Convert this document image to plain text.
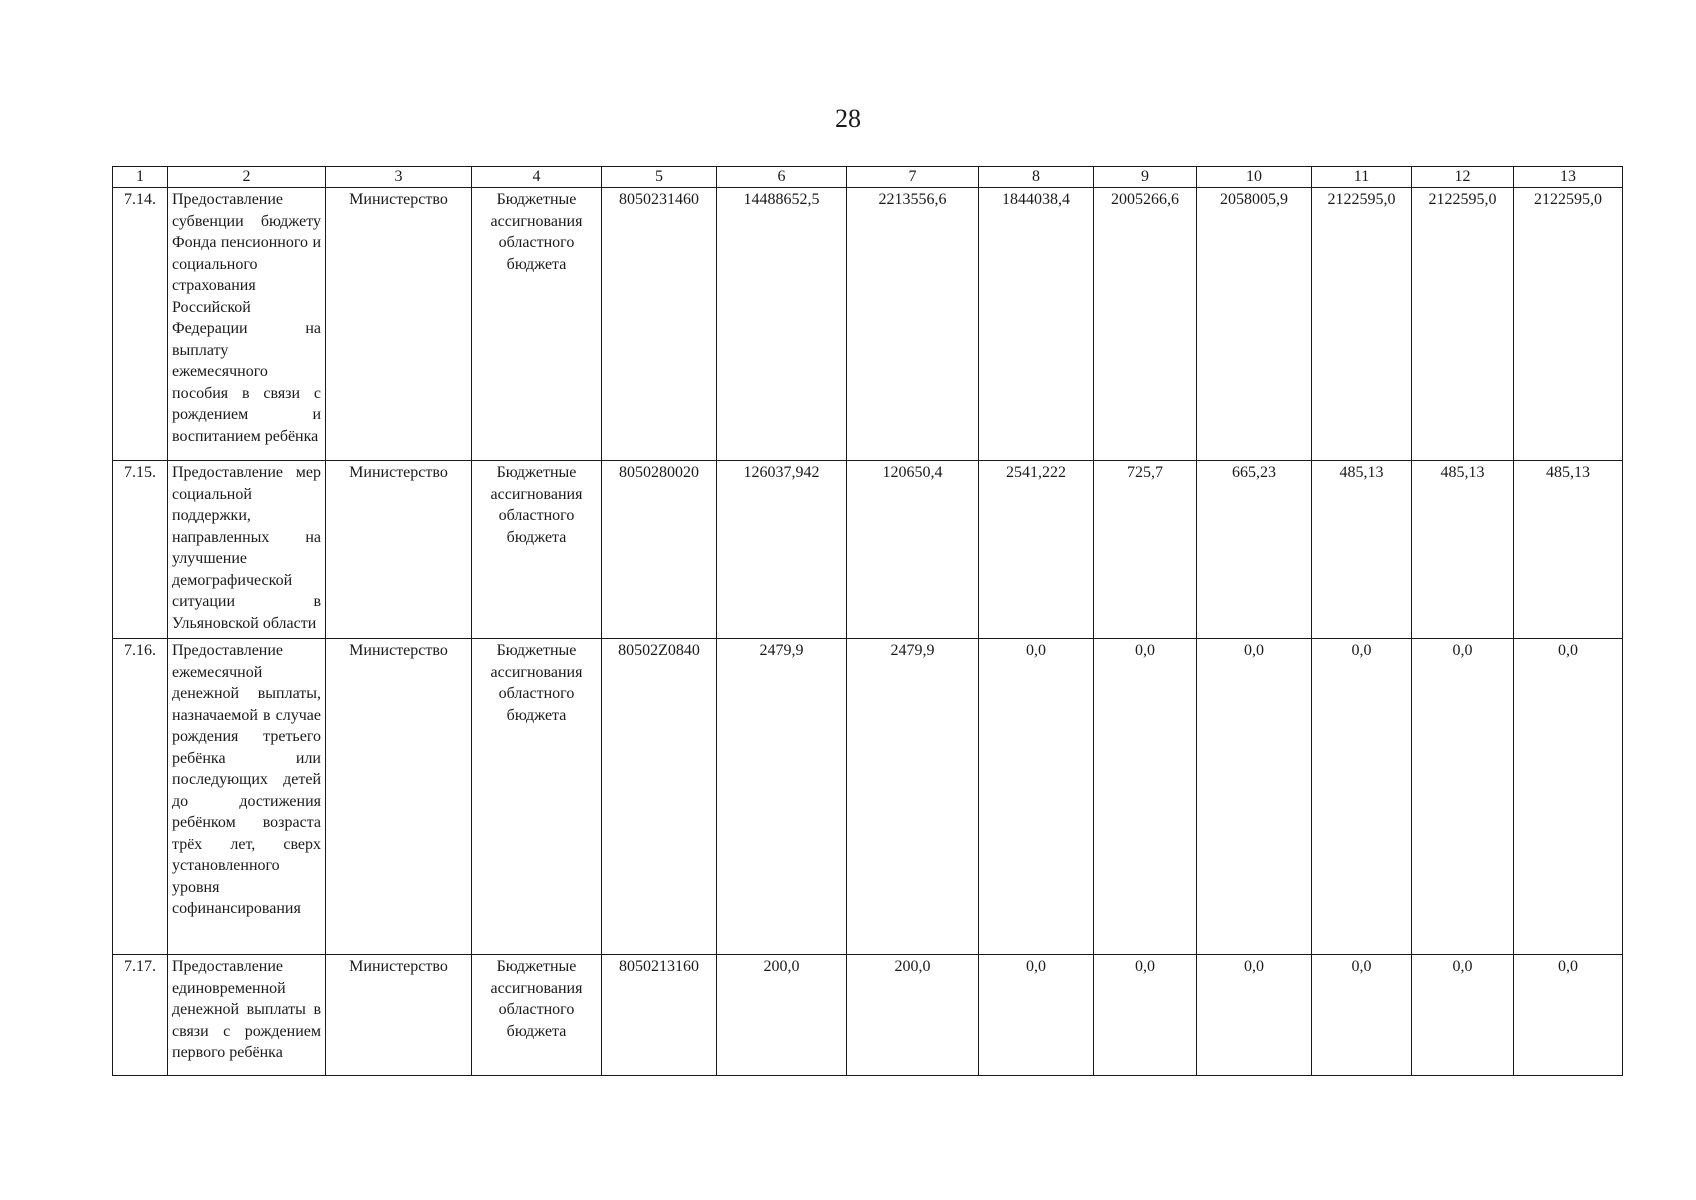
28
1	2	3	4	5	6	7	8	9	10	11	12	13
7.14.	Предоставление субвенции бюджету Фонда пенсионного и социального страхования Российской Федерации на выплату ежемесячного пособия в связи с рождением и воспитанием ребёнка	Министерство	Бюджетные ассигнования областного бюджета	8050231460	14488652,5	2213556,6	1844038,4	2005266,6	2058005,9	2122595,0	2122595,0	2122595,0
7.15.	Предоставление мер социальной поддержки, направленных на улучшение демографической ситуации в Ульяновской области	Министерство	Бюджетные ассигнования областного бюджета	8050280020	126037,942	120650,4	2541,222	725,7	665,23	485,13	485,13	485,13
7.16.	Предоставление ежемесячной денежной выплаты, назначаемой в случае рождения третьего ребёнка или последующих детей до достижения ребёнком возраста трёх лет, сверх установленного уровня софинансирования	Министерство	Бюджетные ассигнования областного бюджета	80502Z0840	2479,9	2479,9	0,0	0,0	0,0	0,0	0,0	0,0
7.17.	Предоставление единовременной денежной выплаты в связи с рождением первого ребёнка	Министерство	Бюджетные ассигнования областного бюджета	8050213160	200,0	200,0	0,0	0,0	0,0	0,0	0,0	0,0
